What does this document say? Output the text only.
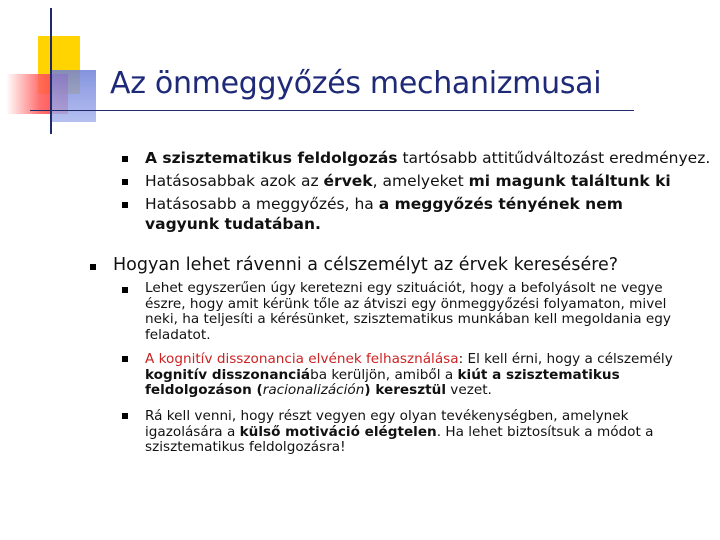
Az önmeggyőzés mechanizmusai
A szisztematikus feldolgozás tartósabb attitűdváltozást eredményez.
Hatásosabbak azok az érvek, amelyeket mi magunk találtunk ki
Hatásosabb a meggyőzés, ha a meggyőzés tényének nem
vagyunk tudatában.
Hogyan lehet rávenni a célszemélyt az érvek keresésére?
Lehet egyszerűen úgy keretezni egy szituációt, hogy a befolyásolt ne vegye
észre, hogy amit kérünk tőle az átviszi egy önmeggyőzési folyamaton, mivel
neki, ha teljesíti a kérésünket, szisztematikus munkában kell megoldania egy
feladatot.
A kognitív disszonancia elvének felhasználása: El kell érni, hogy a célszemély
kognitív disszonanciába kerüljön, amiből a kiút a szisztematikus
feldolgozáson (racionalizáción) keresztül vezet.
Rá kell venni, hogy részt vegyen egy olyan tevékenységben, amelynek
igazolására a külső motiváció elégtelen. Ha lehet biztosítsuk a módot a
szisztematikus feldolgozásra!
